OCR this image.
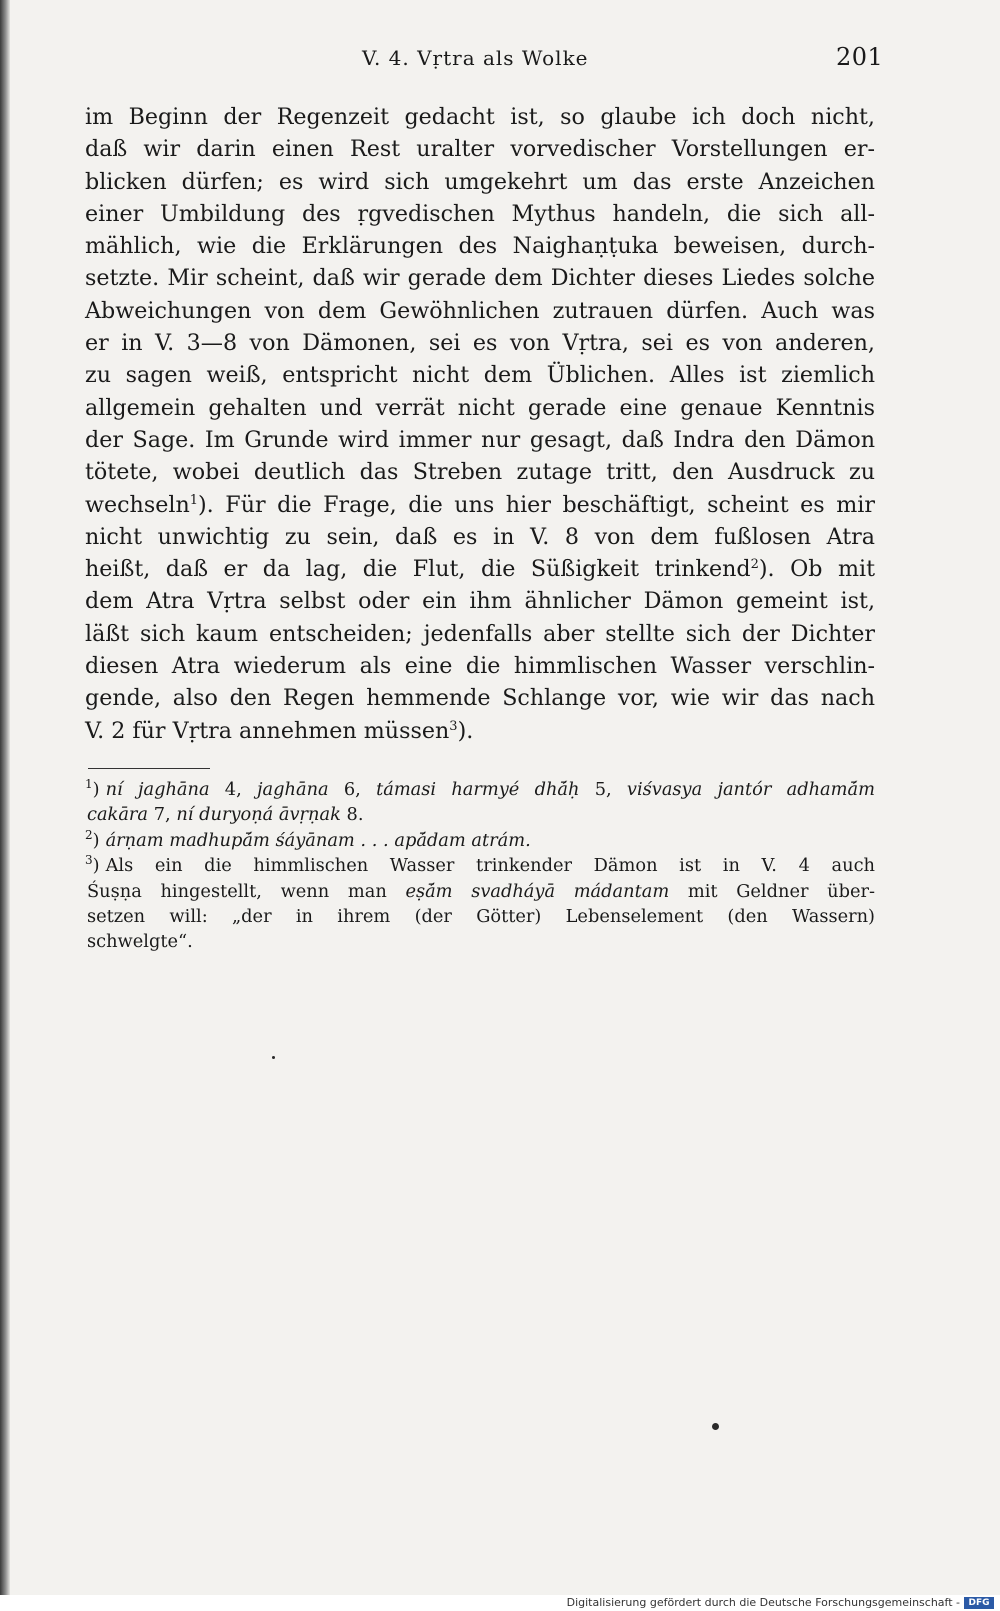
V. 4. Vṛtra als Wolke	201
im Beginn der Regenzeit gedacht ist, so glaube ich doch nicht,
daß wir darin einen Rest uralter vorvedischer Vorstellungen er-
blicken dürfen; es wird sich umgekehrt um das erste Anzeichen
einer Umbildung des ṛgvedischen Mythus handeln, die sich all-
mählich, wie die Erklärungen des Naighaṇṭuka beweisen, durch-
setzte. Mir scheint, daß wir gerade dem Dichter dieses Liedes solche
Abweichungen von dem Gewöhnlichen zutrauen dürfen. Auch was
er in V. 3—8 von Dämonen, sei es von Vṛtra, sei es von anderen,
zu sagen weiß, entspricht nicht dem Üblichen. Alles ist ziemlich
allgemein gehalten und verrät nicht gerade eine genaue Kenntnis
der Sage. Im Grunde wird immer nur gesagt, daß Indra den Dämon
tötete, wobei deutlich das Streben zutage tritt, den Ausdruck zu
wechseln$^1$). Für die Frage, die uns hier beschäftigt, scheint es mir
nicht unwichtig zu sein, daß es in V. 8 von dem fußlosen Atra
heißt, daß er da lag, die Flut, die Süßigkeit trinkend$^2$). Ob mit
dem Atra Vṛtra selbst oder ein ihm ähnlicher Dämon gemeint ist,
läßt sich kaum entscheiden; jedenfalls aber stellte sich der Dichter
diesen Atra wiederum als eine die himmlischen Wasser verschlin-
gende, also den Regen hemmende Schlange vor, wie wir das nach
V. 2 für Vṛtra annehmen müssen$^3$).
$^1$) ní jaghāna 4, jaghāna 6, támasi harmyé dhā́ḥ 5, viśvasya jantór adhamā́m
cakāra 7, ní duryoṇá āvṛṇak 8.
$^2$) árṇam madhupā́m śáyānam . . . apā́dam atrám.
$^3$) Als ein die himmlischen Wasser trinkender Dämon ist in V. 4 auch
Śuṣṇa hingestellt, wenn man eṣā́m svadháyā mádantam mit Geldner über-
setzen will: „der in ihrem (der Götter) Lebenselement (den Wassern)
schwelgte“.
Digitalisierung gefördert durch die Deutsche Forschungsgemeinschaft - DFG
